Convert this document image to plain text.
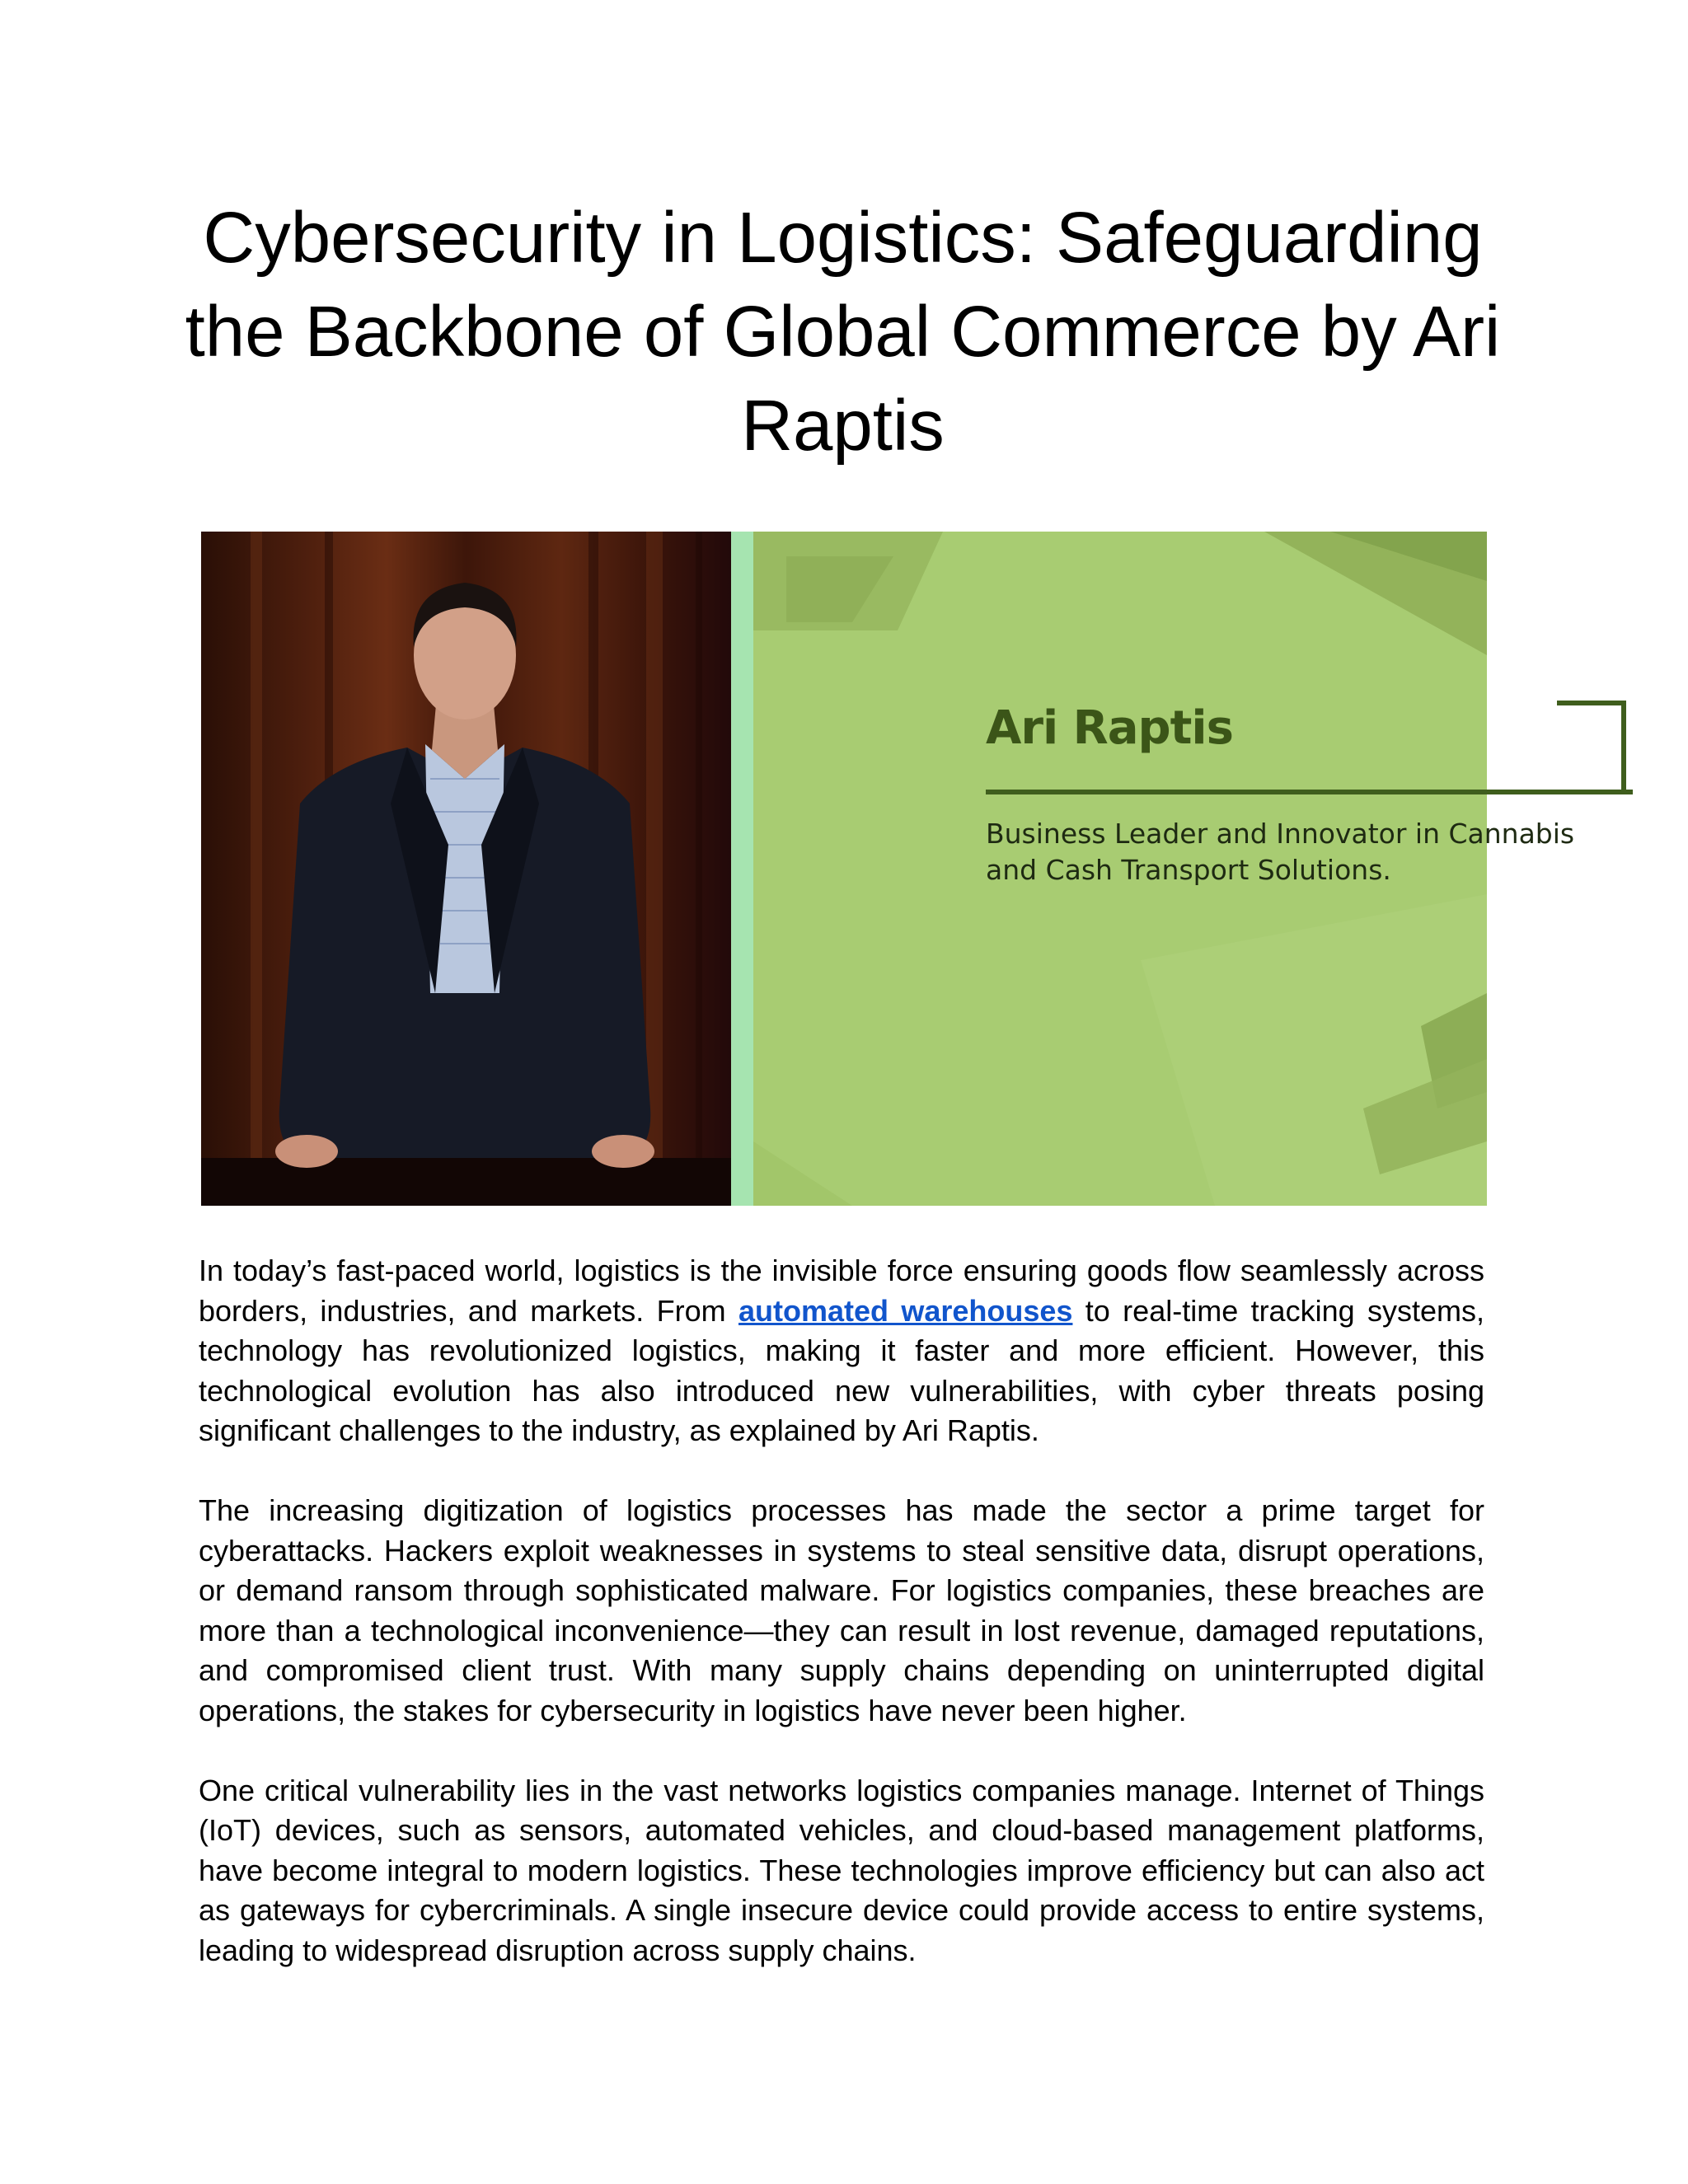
Cybersecurity in Logistics: Safeguarding the Backbone of Global Commerce by Ari Raptis
Ari Raptis

Business Leader and Innovator in Cannabis and Cash Transport Solutions.

In today’s fast-paced world, logistics is the invisible force ensuring goods flow seamlessly across borders, industries, and markets. From automated warehouses to real-time tracking systems, technology has revolutionized logistics, making it faster and more efficient. However, this technological evolution has also introduced new vulnerabilities, with cyber threats posing significant challenges to the industry, as explained by Ari Raptis.

The increasing digitization of logistics processes has made the sector a prime target for cyberattacks. Hackers exploit weaknesses in systems to steal sensitive data, disrupt operations, or demand ransom through sophisticated malware. For logistics companies, these breaches are more than a technological inconvenience—they can result in lost revenue, damaged reputations, and compromised client trust. With many supply chains depending on uninterrupted digital operations, the stakes for cybersecurity in logistics have never been higher.

One critical vulnerability lies in the vast networks logistics companies manage. Internet of Things (IoT) devices, such as sensors, automated vehicles, and cloud-based management platforms, have become integral to modern logistics. These technologies improve efficiency but can also act as gateways for cybercriminals. A single insecure device could provide access to entire systems, leading to widespread disruption across supply chains.
